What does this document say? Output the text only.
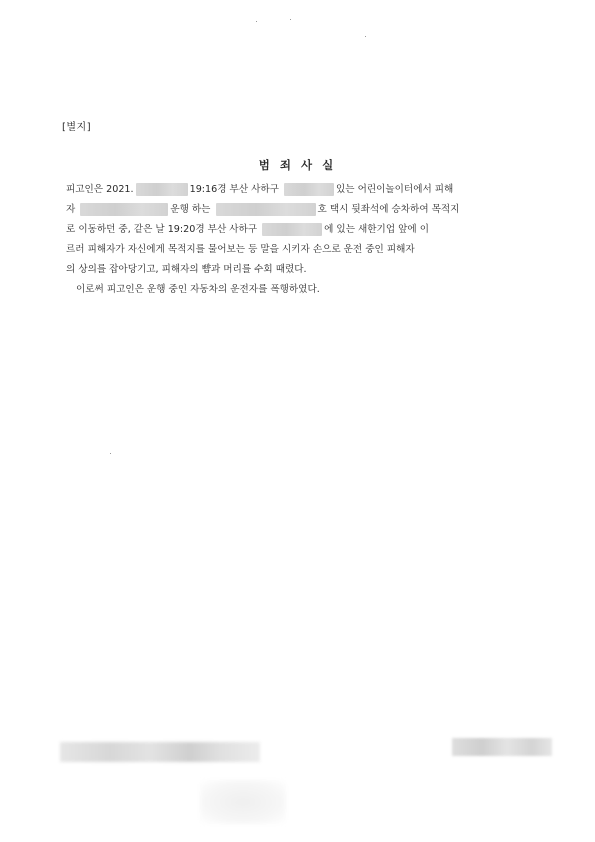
[별지]
범 죄 사 실
피고인은 2021.	19:16경 부산 사하구	있는 어린이놀이터에서 피해
자	운행 하는	호 택시 뒷좌석에 승차하여 목적지
로 이동하던 중, 같은 날 19:20경 부산 사하구	에 있는 새한기업 앞에 이
르러 피해자가 자신에게 목적지를 물어보는 등 말을 시키자 손으로 운전 중인 피해자
의 상의를 잡아당기고, 피해자의 뺨과 머리를 수회 때렸다.
이로써 피고인은 운행 중인 자동차의 운전자를 폭행하였다.
